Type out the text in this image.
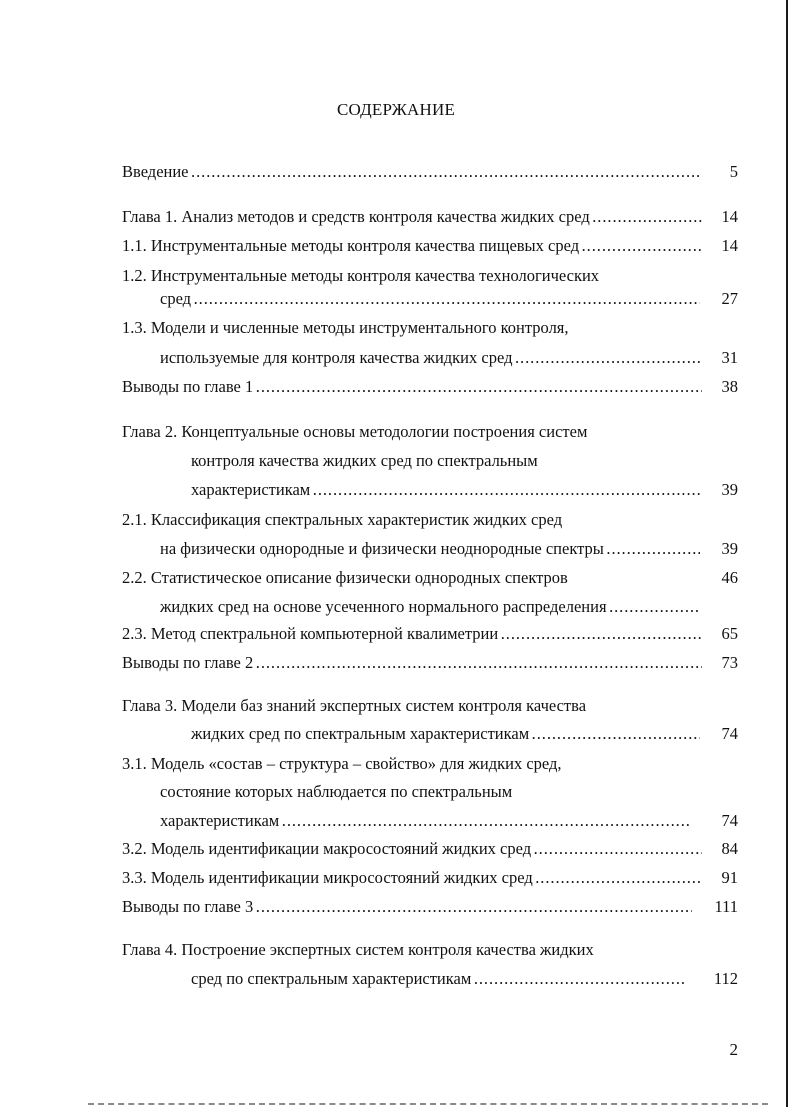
СОДЕРЖАНИЕ
Введение . . .	5
Глава 1. Анализ методов и средств контроля качества жидких сред . . .	14
1.1. Инструментальные методы контроля качества пищевых сред . . .	14
1.2. Инструментальные методы контроля качества технологических
сред . . .	27
1.3. Модели и численные методы инструментального контроля,
используемые для контроля качества жидких сред . . .	31
Выводы по главе 1 . . .	38
Глава 2. Концептуальные основы методологии построения систем
контроля качества жидких сред по спектральным
характеристикам . . .	39
2.1. Классификация спектральных характеристик жидких сред
на физически однородные и физически неоднородные спектры . . .	39
2.2. Статистическое описание физически однородных спектров	46
жидких сред на основе усеченного нормального распределения . . .
2.3. Метод спектральной компьютерной квалиметрии . . .	65
Выводы по главе 2 . . .	73
Глава 3. Модели баз знаний экспертных систем контроля качества
жидких сред по спектральным характеристикам . . .	74
3.1. Модель «состав – структура – свойство» для жидких сред,
состояние которых наблюдается по спектральным
характеристикам . . .	74
3.2. Модель идентификации макросостояний жидких сред . . .	84
3.3. Модель идентификации микросостояний жидких сред . . .	91
Выводы по главе 3 . . .	111
Глава 4. Построение экспертных систем контроля качества жидких
сред по спектральным характеристикам . . .	112
2
